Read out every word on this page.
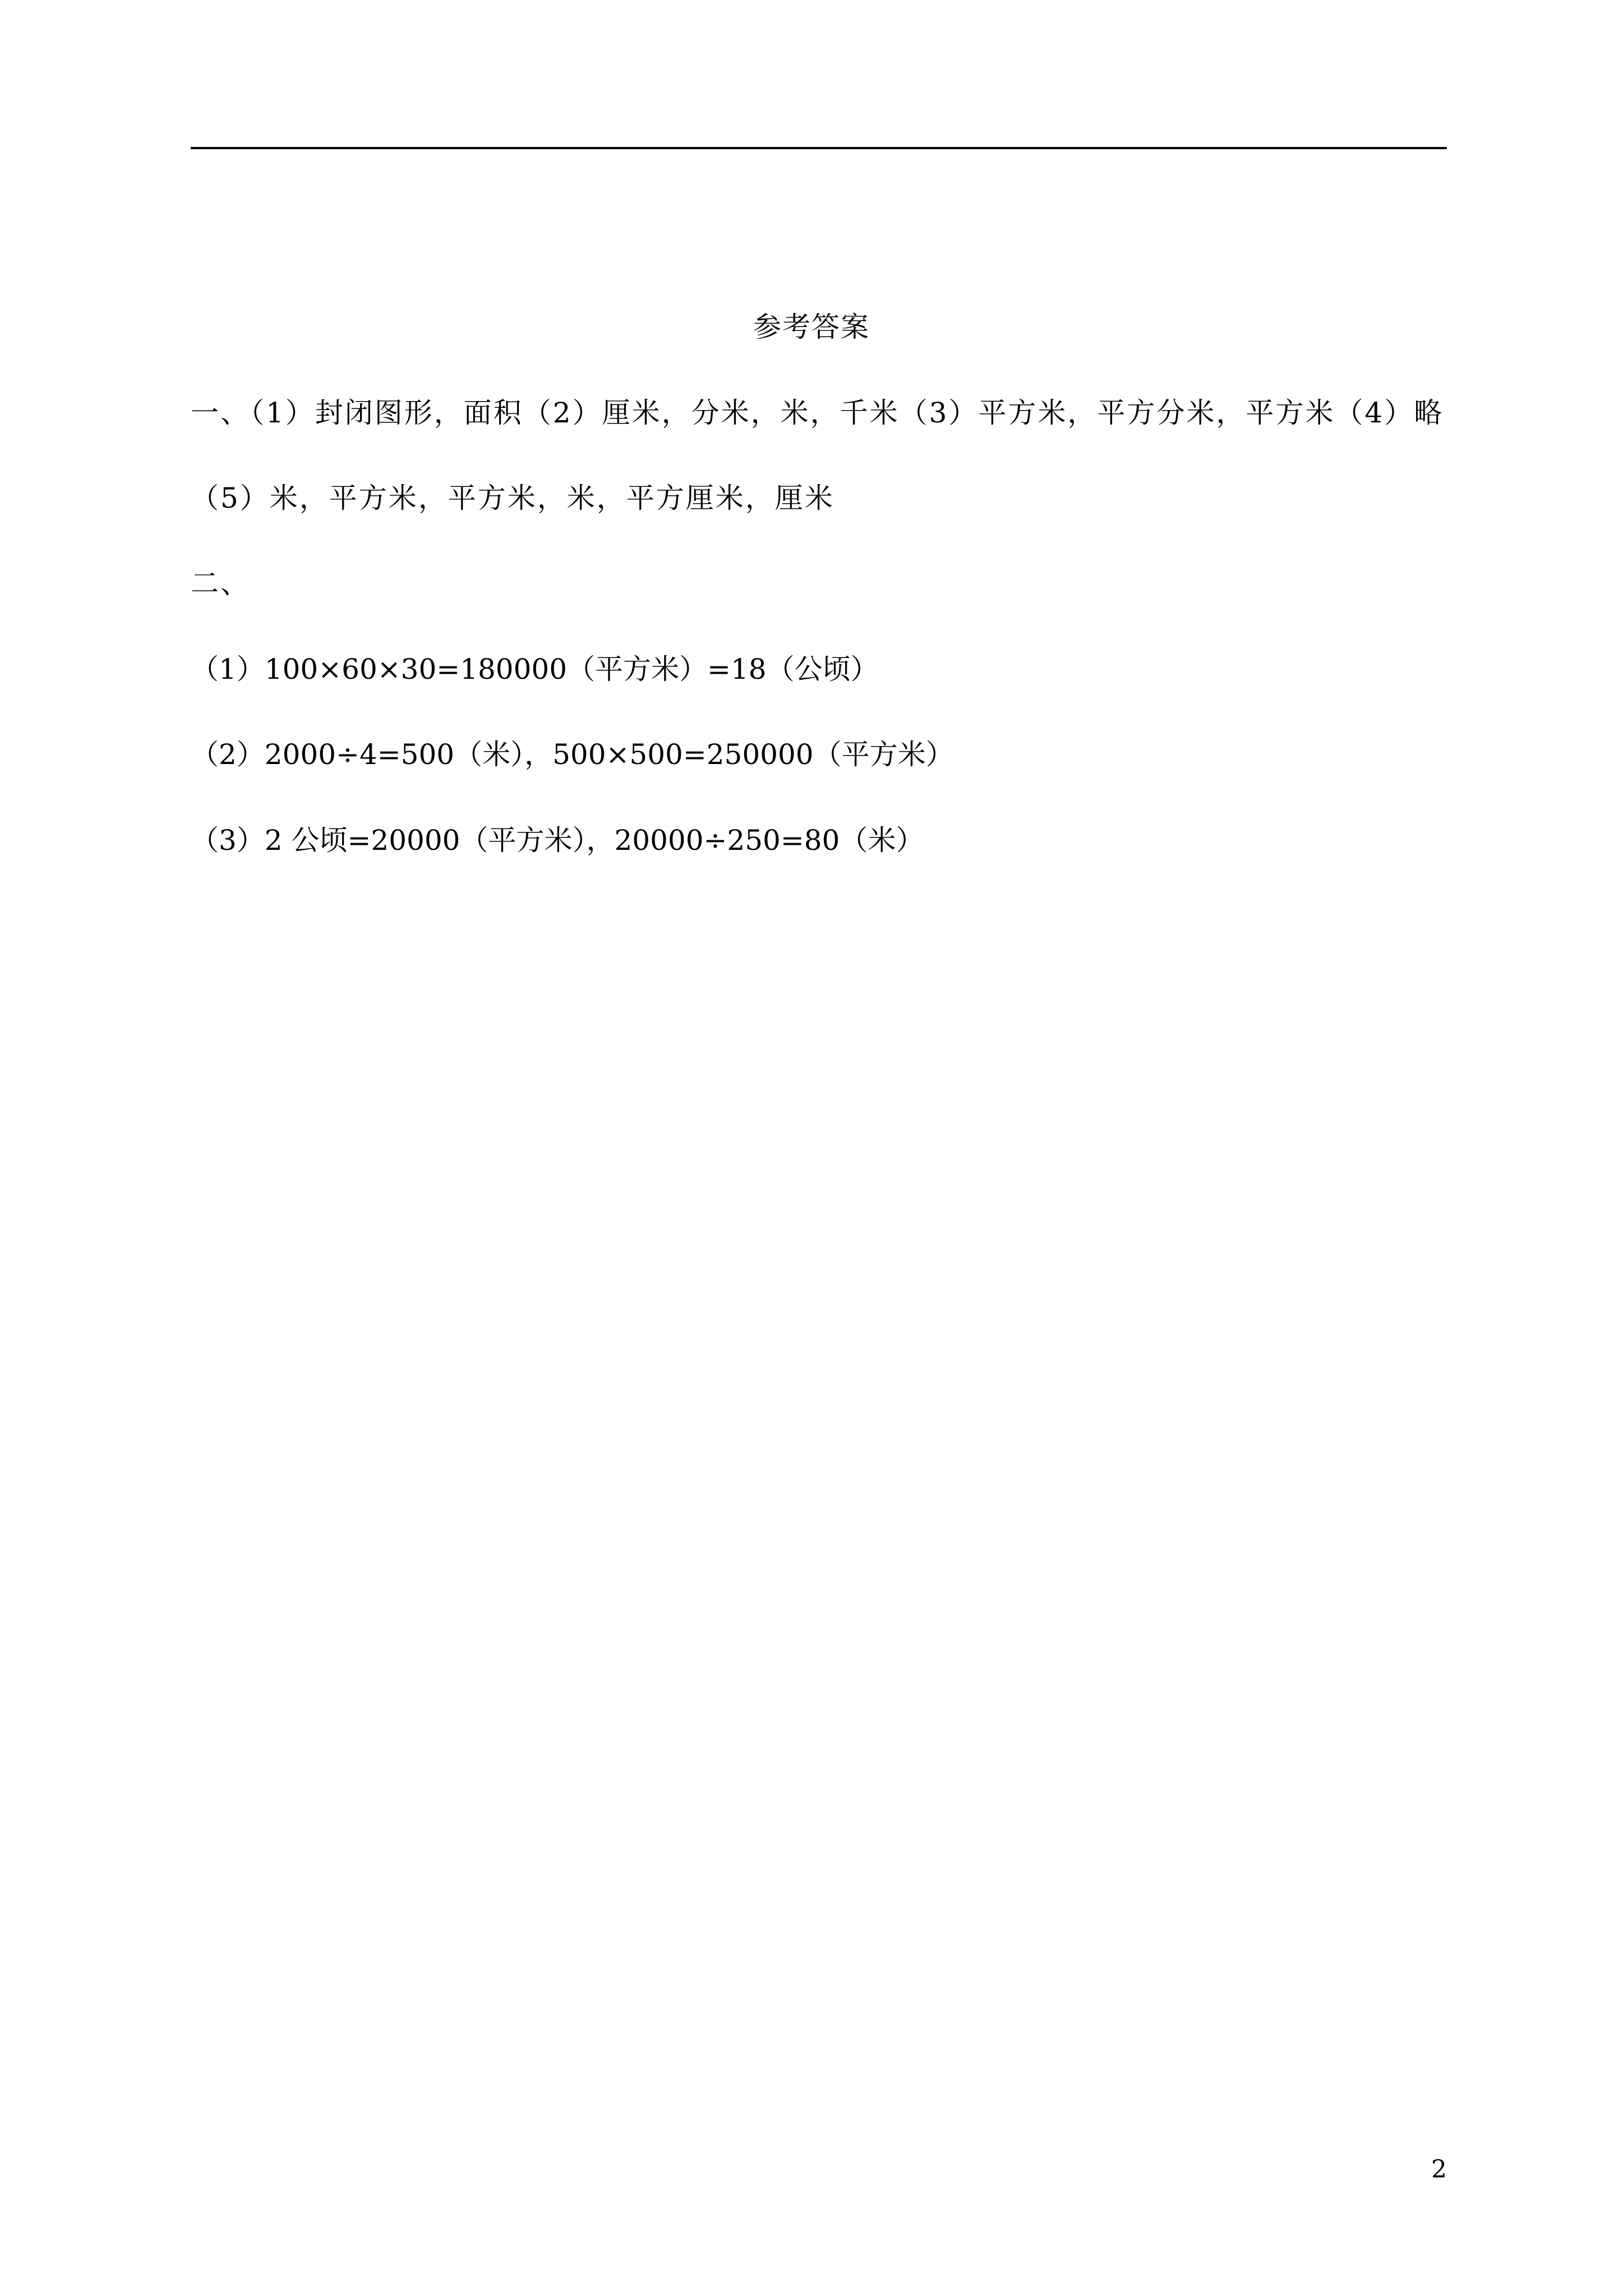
参考答案
一、（1）封闭图形，面积（2）厘米，分米，米，千米（3）平方米，平方分米，平方米（4）略
（5）米，平方米，平方米，米，平方厘米，厘米
二、
（1）100×60×30=180000（平方米）=18（公顷）
（2）2000÷4=500（米），500×500=250000（平方米）
（3）2 公顷=20000（平方米），20000÷250=80（米）
2
